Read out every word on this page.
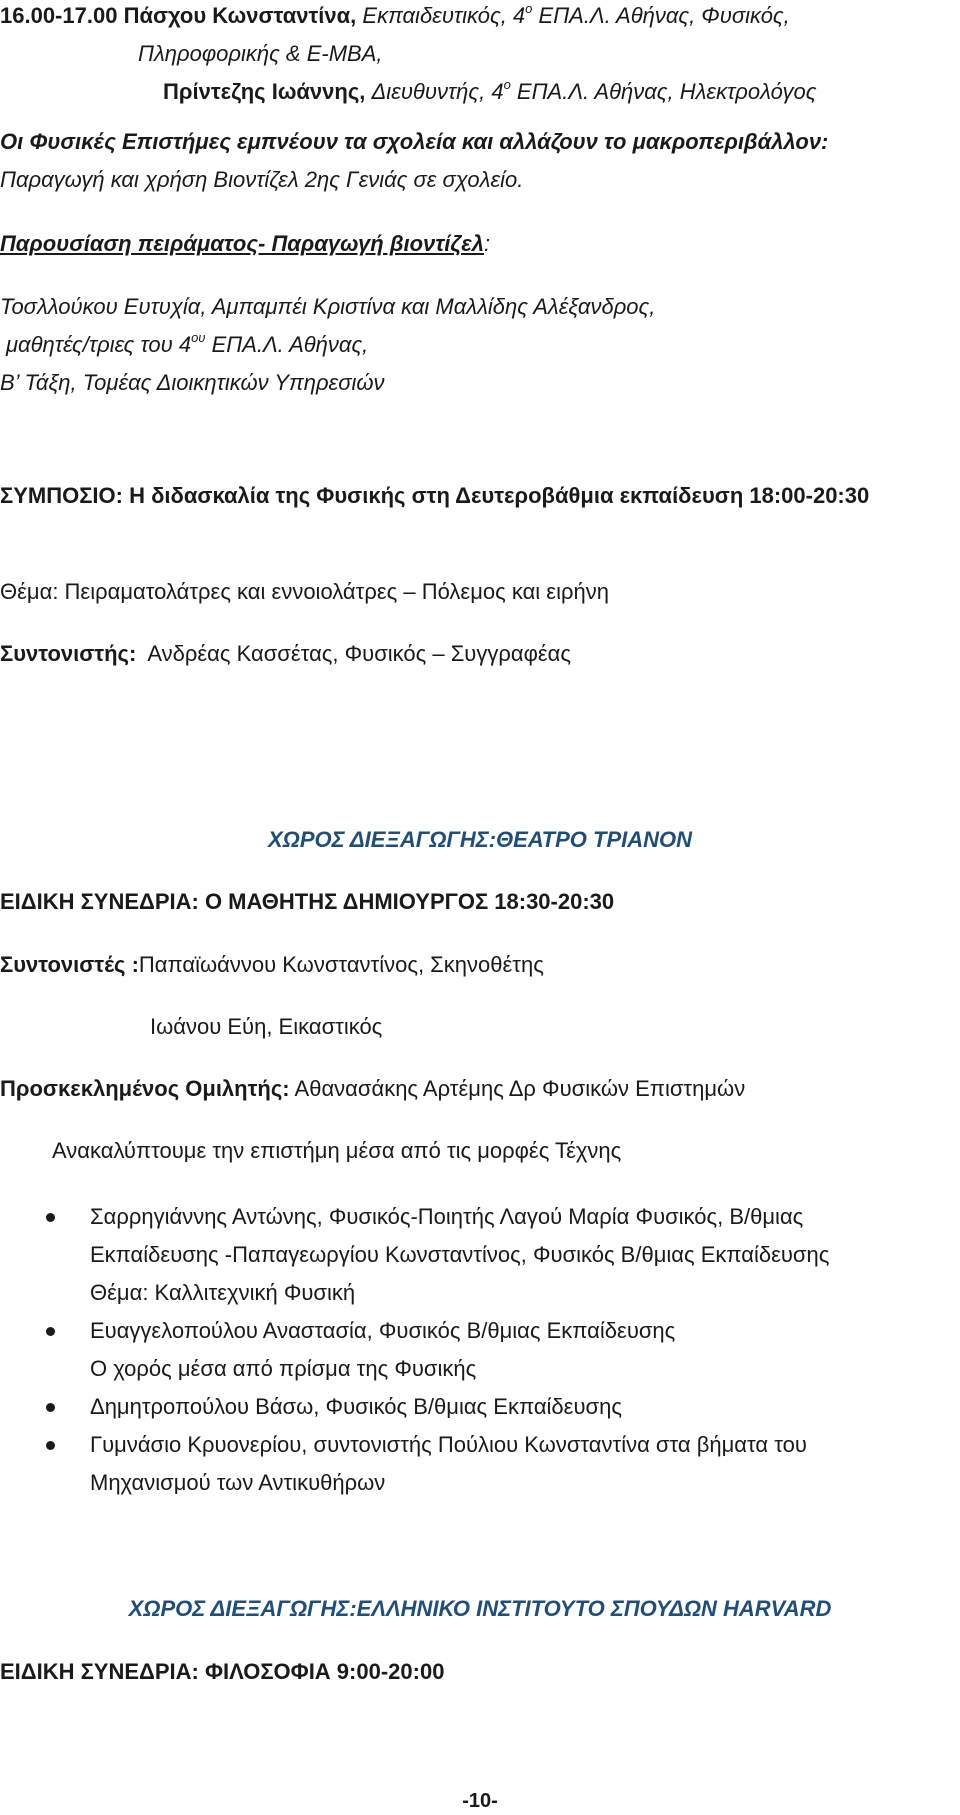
16.00-17.00 Πάσχου Κωνσταντίνα, Εκπαιδευτικός, $4^o$ ΕΠΑ.Λ. Αθήνας, Φυσικός,
Πληροφορικής & Ε-ΜΒΑ,
Πρίντεζης Ιωάννης, Διευθυντής, $4^o$ ΕΠΑ.Λ. Αθήνας, Ηλεκτρολόγος
Οι Φυσικές Επιστήμες εμπνέουν τα σχολεία και αλλάζουν το μακροπεριβάλλον:
Παραγωγή και χρήση Βιοντίζελ 2ης Γενιάς σε σχολείο.
Παρουσίαση πειράματος- Παραγωγή βιοντίζελ:
Τοσλλούκου Ευτυχία, Αμπαμπέι Κριστίνα και Μαλλίδης Αλέξανδρος,
μαθητές/τριες του $4^{o\upsilon}$ ΕΠΑ.Λ. Αθήνας,
Β’ Τάξη, Τομέας Διοικητικών Υπηρεσιών
ΣΥΜΠΟΣΙΟ: Η διδασκαλία της Φυσικής στη Δευτεροβάθμια εκπαίδευση 18:00-20:30
Θέμα: Πειραματολάτρες και εννοιολάτρες – Πόλεμος και ειρήνη
Συντονιστής: Ανδρέας Κασσέτας, Φυσικός – Συγγραφέας
ΧΩΡΟΣ ΔΙΕΞΑΓΩΓΗΣ:ΘΕΑΤΡΟ ΤΡΙΑΝΟΝ
ΕΙΔΙΚΗ ΣΥΝΕΔΡΙΑ: Ο ΜΑΘΗΤΗΣ ΔΗΜΙΟΥΡΓΟΣ 18:30-20:30
Συντονιστές :Παπαϊωάννου Κωνσταντίνος, Σκηνοθέτης
Ιωάνου Εύη, Εικαστικός
Προσκεκλημένος Ομιλητής: Αθανασάκης Αρτέμης Δρ Φυσικών Επιστημών
Ανακαλύπτουμε την επιστήμη μέσα από τις μορφές Τέχνης
Σαρρηγιάννης Αντώνης, Φυσικός-Ποιητής Λαγού Μαρία Φυσικός, Β/θμιας
Εκπαίδευσης -Παπαγεωργίου Κωνσταντίνος, Φυσικός Β/θμιας Εκπαίδευσης
Θέμα: Καλλιτεχνική Φυσική
Ευαγγελοπούλου Αναστασία, Φυσικός Β/θμιας Εκπαίδευσης
Ο χορός μέσα από πρίσμα της Φυσικής
Δημητροπούλου Βάσω, Φυσικός Β/θμιας Εκπαίδευσης
Γυμνάσιο Κρυονερίου, συντονιστής Πούλιου Κωνσταντίνα στα βήματα του
Μηχανισμού των Αντικυθήρων
ΧΩΡΟΣ ΔΙΕΞΑΓΩΓΗΣ:ΕΛΛΗΝΙΚΟ ΙΝΣΤΙΤΟΥΤΟ ΣΠΟΥΔΩΝ HARVARD
ΕΙΔΙΚΗ ΣΥΝΕΔΡΙΑ: ΦΙΛΟΣΟΦΙΑ 9:00-20:00
-10-
